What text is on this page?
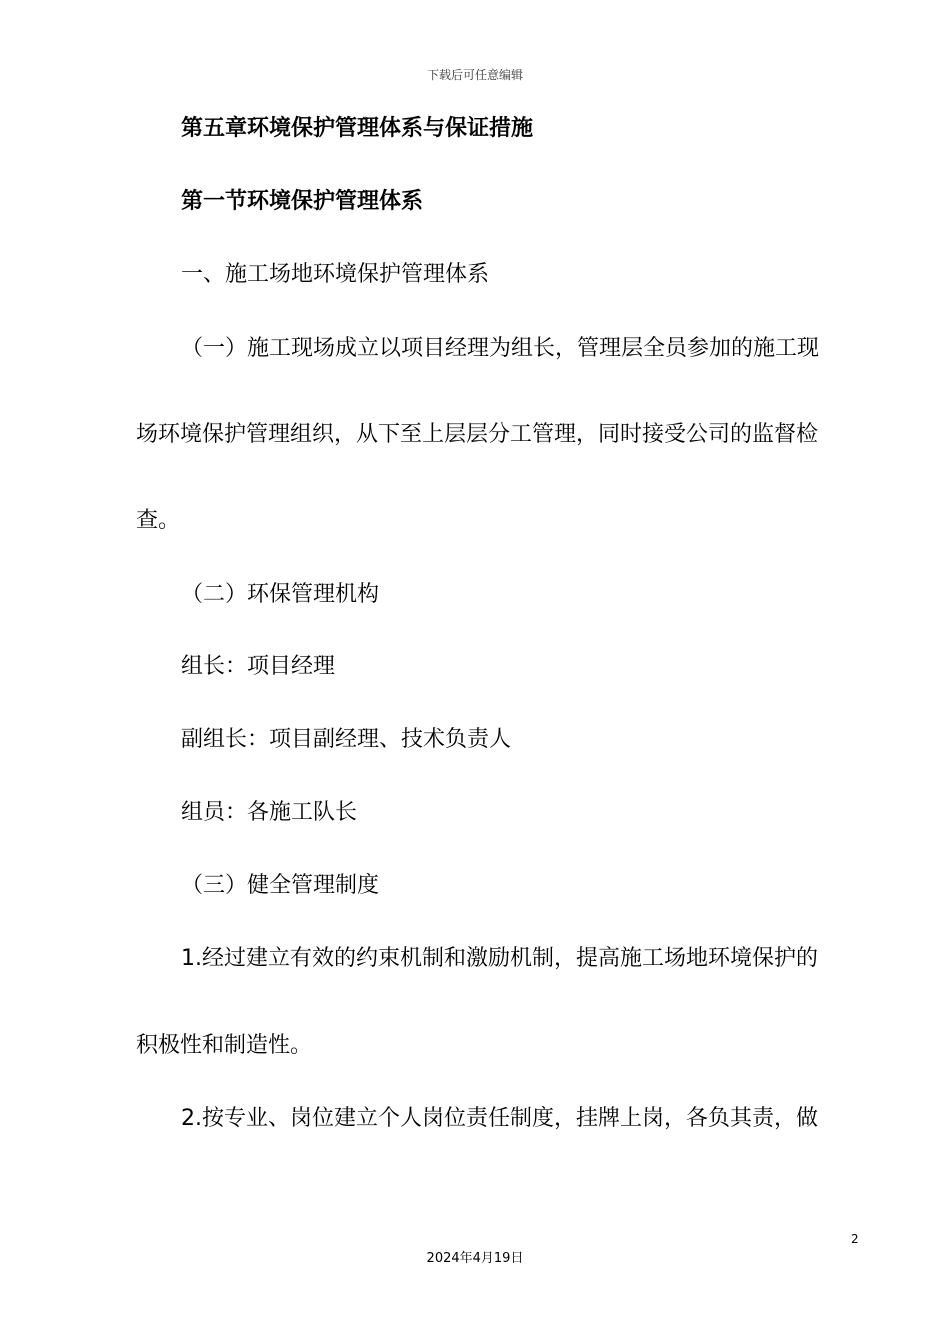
下载后可任意编辑
第五章环境保护管理体系与保证措施
第一节环境保护管理体系
一、施工场地环境保护管理体系
（一）施工现场成立以项目经理为组长，管理层全员参加的施工现
场环境保护管理组织，从下至上层层分工管理，同时接受公司的监督检
查。
（二）环保管理机构
组长：项目经理
副组长：项目副经理、技术负责人
组员：各施工队长
（三）健全管理制度
1.经过建立有效的约束机制和激励机制，提高施工场地环境保护的
积极性和制造性。
2.按专业、岗位建立个人岗位责任制度，挂牌上岗，各负其责，做
2
2024年4月19日
